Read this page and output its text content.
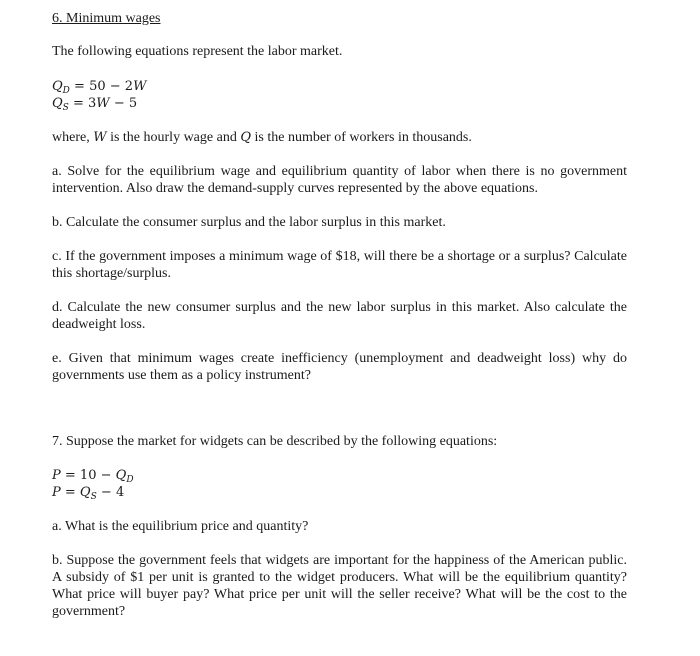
6. Minimum wages

The following equations represent the labor market.

$Q_D = 50 - 2W$
$Q_S = 3W - 5$

where, W is the hourly wage and Q is the number of workers in thousands.

a. Solve for the equilibrium wage and equilibrium quantity of labor when there is no government intervention. Also draw the demand-supply curves represented by the above equations.

b. Calculate the consumer surplus and the labor surplus in this market.

c. If the government imposes a minimum wage of $18, will there be a shortage or a surplus? Calculate this shortage/surplus.

d. Calculate the new consumer surplus and the new labor surplus in this market. Also calculate the deadweight loss.

e. Given that minimum wages create inefficiency (unemployment and deadweight loss) why do governments use them as a policy instrument?

7. Suppose the market for widgets can be described by the following equations:

$P = 10 - Q_D$
$P = Q_S - 4$

a. What is the equilibrium price and quantity?

b. Suppose the government feels that widgets are important for the happiness of the American public. A subsidy of $1 per unit is granted to the widget producers. What will be the equilibrium quantity? What price will buyer pay? What price per unit will the seller receive? What will be the cost to the government?
